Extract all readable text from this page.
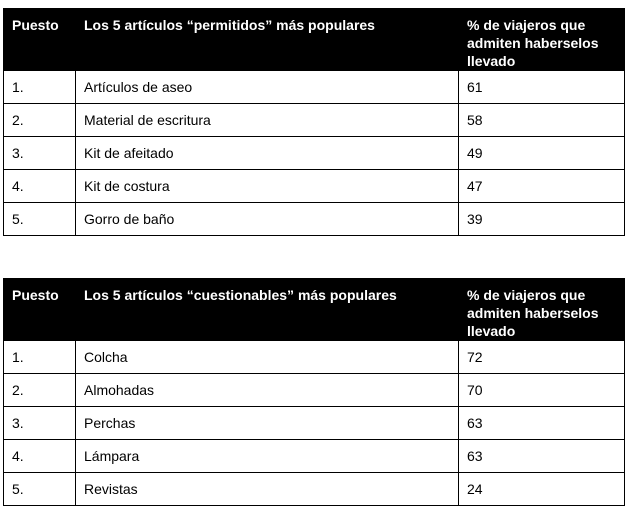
Puesto	Los 5 artículos “permitidos” más populares	% de viajeros que admiten haberselos llevado
1.	Artículos de aseo	61
2.	Material de escritura	58
3.	Kit de afeitado	49
4.	Kit de costura	47
5.	Gorro de baño	39
Puesto	Los 5 artículos “cuestionables” más populares	% de viajeros que admiten haberselos llevado
1.	Colcha	72
2.	Almohadas	70
3.	Perchas	63
4.	Lámpara	63
5.	Revistas	24
